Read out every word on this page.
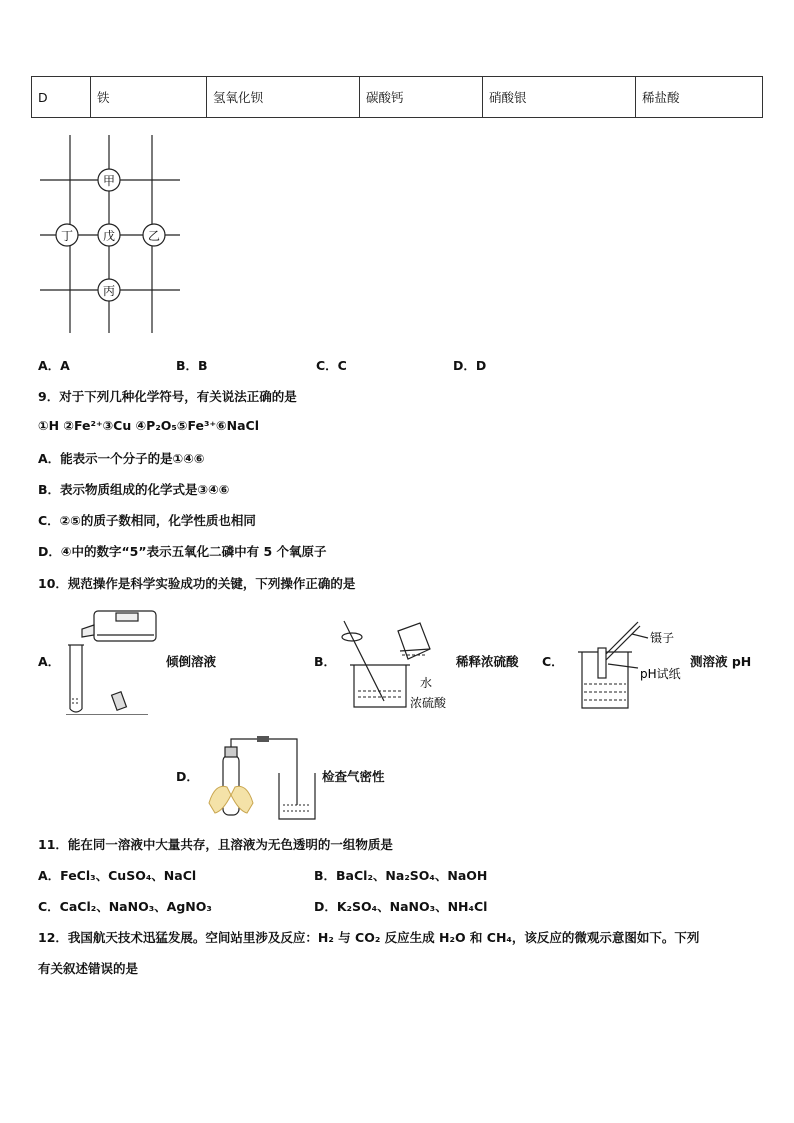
D	铁	氢氧化钡	碳酸钙	硝酸银	稀盐酸
甲
丁 戊	乙
丙
A．A	B．B	C．C	D．D
9．对于下列几种化学符号，有关说法正确的是
①H ②Fe²⁺③Cu ④P₂O₅⑤Fe³⁺⑥NaCl
A．能表示一个分子的是①④⑥
B．表示物质组成的化学式是③④⑥
C．②⑤的质子数相同，化学性质也相同
D．④中的数字“5”表示五氧化二磷中有 5 个氧原子
10．规范操作是科学实验成功的关键，下列操作正确的是
A．	倾倒溶液	B．
水
浓硫酸
稀释浓硫酸 C．
镊子
pH试纸
测溶液 pH
D．	检查气密性
11．能在同一溶液中大量共存，且溶液为无色透明的一组物质是
A．FeCl₃、CuSO₄、NaCl	B．BaCl₂、Na₂SO₄、NaOH
C．CaCl₂、NaNO₃、AgNO₃	D．K₂SO₄、NaNO₃、NH₄Cl
12．我国航天技术迅猛发展。空间站里涉及反应：H₂ 与 CO₂ 反应生成 H₂O 和 CH₄，该反应的微观示意图如下。下列
有关叙述错误的是
